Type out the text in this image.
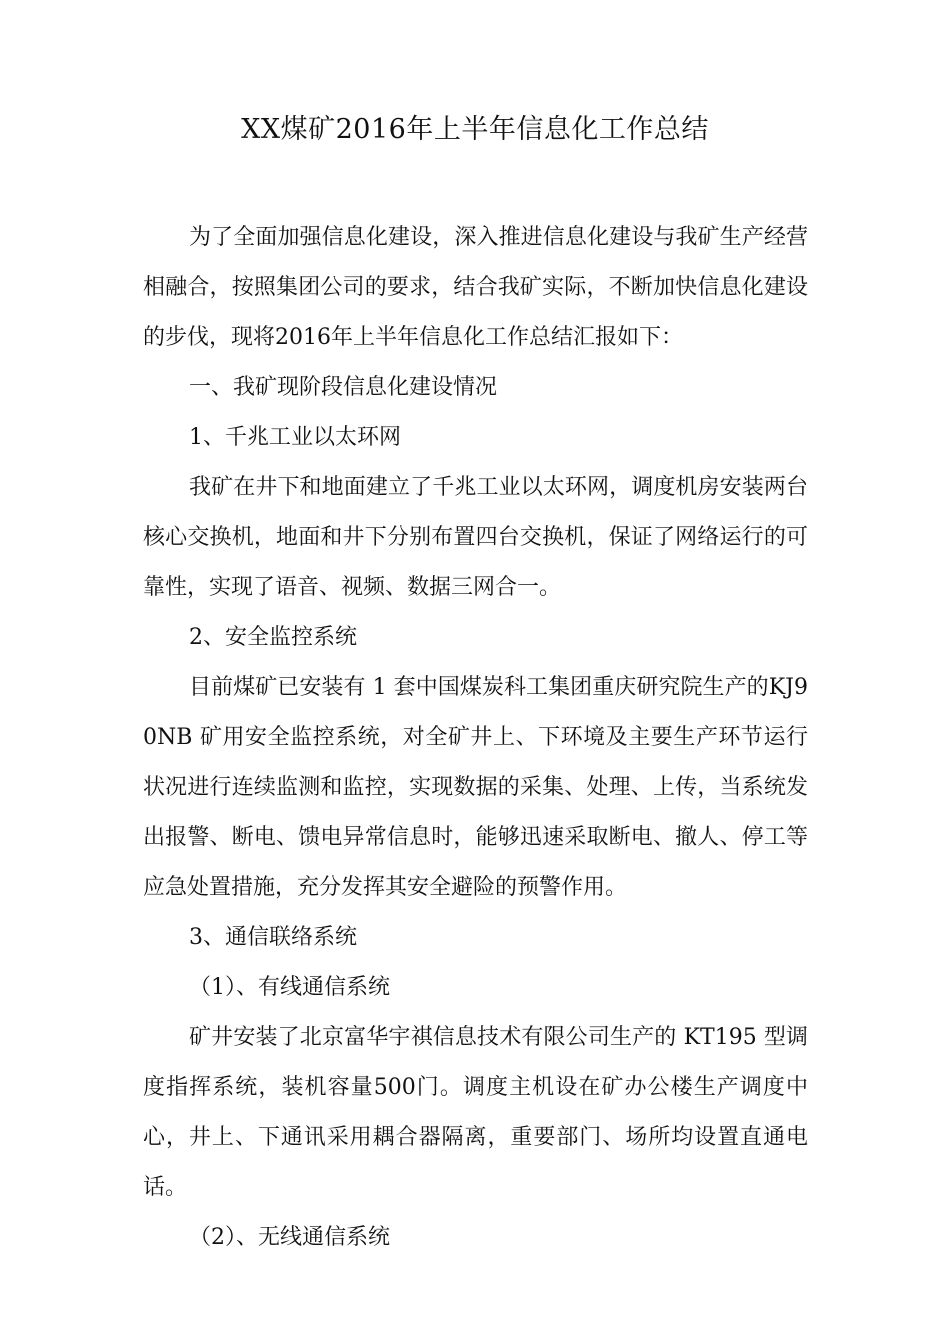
XX煤矿2016年上半年信息化工作总结

为了全面加强信息化建设，深入推进信息化建设与我矿生产经营相融合，按照集团公司的要求，结合我矿实际，不断加快信息化建设的步伐，现将2016年上半年信息化工作总结汇报如下：

一、我矿现阶段信息化建设情况

1、千兆工业以太环网

我矿在井下和地面建立了千兆工业以太环网，调度机房安装两台核心交换机，地面和井下分别布置四台交换机，保证了网络运行的可靠性，实现了语音、视频、数据三网合一。

2、安全监控系统

目前煤矿已安装有 1 套中国煤炭科工集团重庆研究院生产的KJ90NB 矿用安全监控系统，对全矿井上、下环境及主要生产环节运行状况进行连续监测和监控，实现数据的采集、处理、上传，当系统发出报警、断电、馈电异常信息时，能够迅速采取断电、撤人、停工等应急处置措施，充分发挥其安全避险的预警作用。

3、通信联络系统

（1）、有线通信系统

矿井安装了北京富华宇祺信息技术有限公司生产的 KT195 型调度指挥系统，装机容量500门。调度主机设在矿办公楼生产调度中心，井上、下通讯采用耦合器隔离，重要部门、场所均设置直通电话。

（2）、无线通信系统
